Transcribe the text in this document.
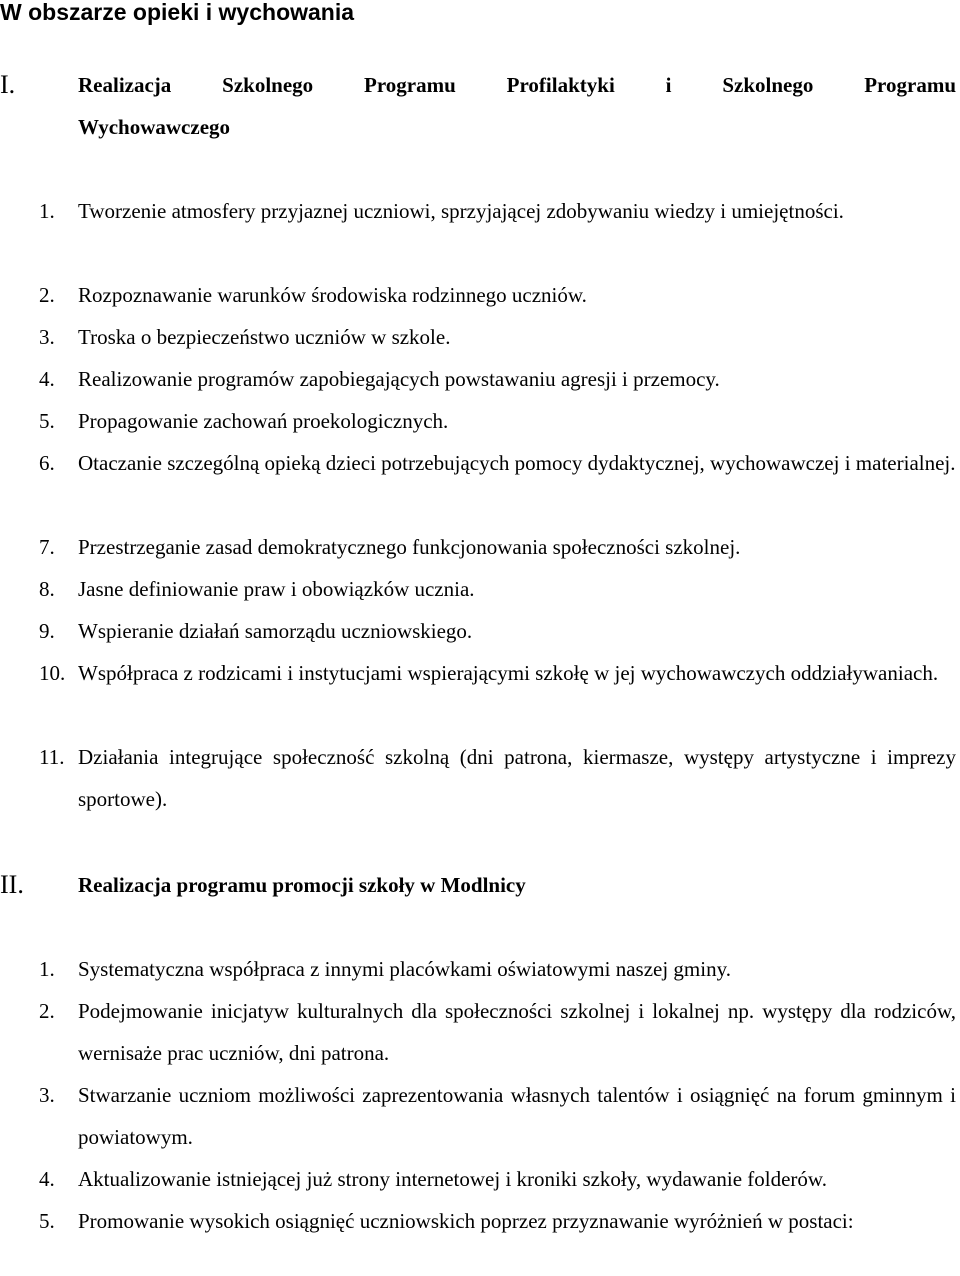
W obszarze opieki i wychowania
I.	Realizacja Szkolnego Programu Profilaktyki i Szkolnego Programu
Wychowawczego
1.	Tworzenie atmosfery przyjaznej uczniowi, sprzyjającej zdobywaniu wiedzy i umiejętności.
2.	Rozpoznawanie warunków środowiska rodzinnego uczniów.
3.	Troska o bezpieczeństwo uczniów w szkole.
4.	Realizowanie programów zapobiegających powstawaniu agresji i przemocy.
5.	Propagowanie zachowań proekologicznych.
6.	Otaczanie szczególną opieką dzieci potrzebujących pomocy dydaktycznej, wychowawczej i materialnej.
7.	Przestrzeganie zasad demokratycznego funkcjonowania społeczności szkolnej.
8.	Jasne definiowanie praw i obowiązków ucznia.
9.	Wspieranie działań samorządu uczniowskiego.
10. Współpraca z rodzicami i instytucjami wspierającymi szkołę w jej wychowawczych oddziaływaniach.
11. Działania integrujące społeczność szkolną (dni patrona, kiermasze, występy artystyczne i imprezy sportowe).
II.	Realizacja programu promocji szkoły w Modlnicy
1.	Systematyczna współpraca z innymi placówkami oświatowymi naszej gminy.
2.	Podejmowanie inicjatyw kulturalnych dla społeczności szkolnej i lokalnej np. występy dla rodziców, wernisaże prac uczniów, dni patrona.
3.	Stwarzanie uczniom możliwości zaprezentowania własnych talentów i osiągnięć na forum gminnym i powiatowym.
4.	Aktualizowanie istniejącej już strony internetowej i kroniki szkoły, wydawanie folderów.
5.	Promowanie wysokich osiągnięć uczniowskich poprzez przyznawanie wyróżnień w postaci:
